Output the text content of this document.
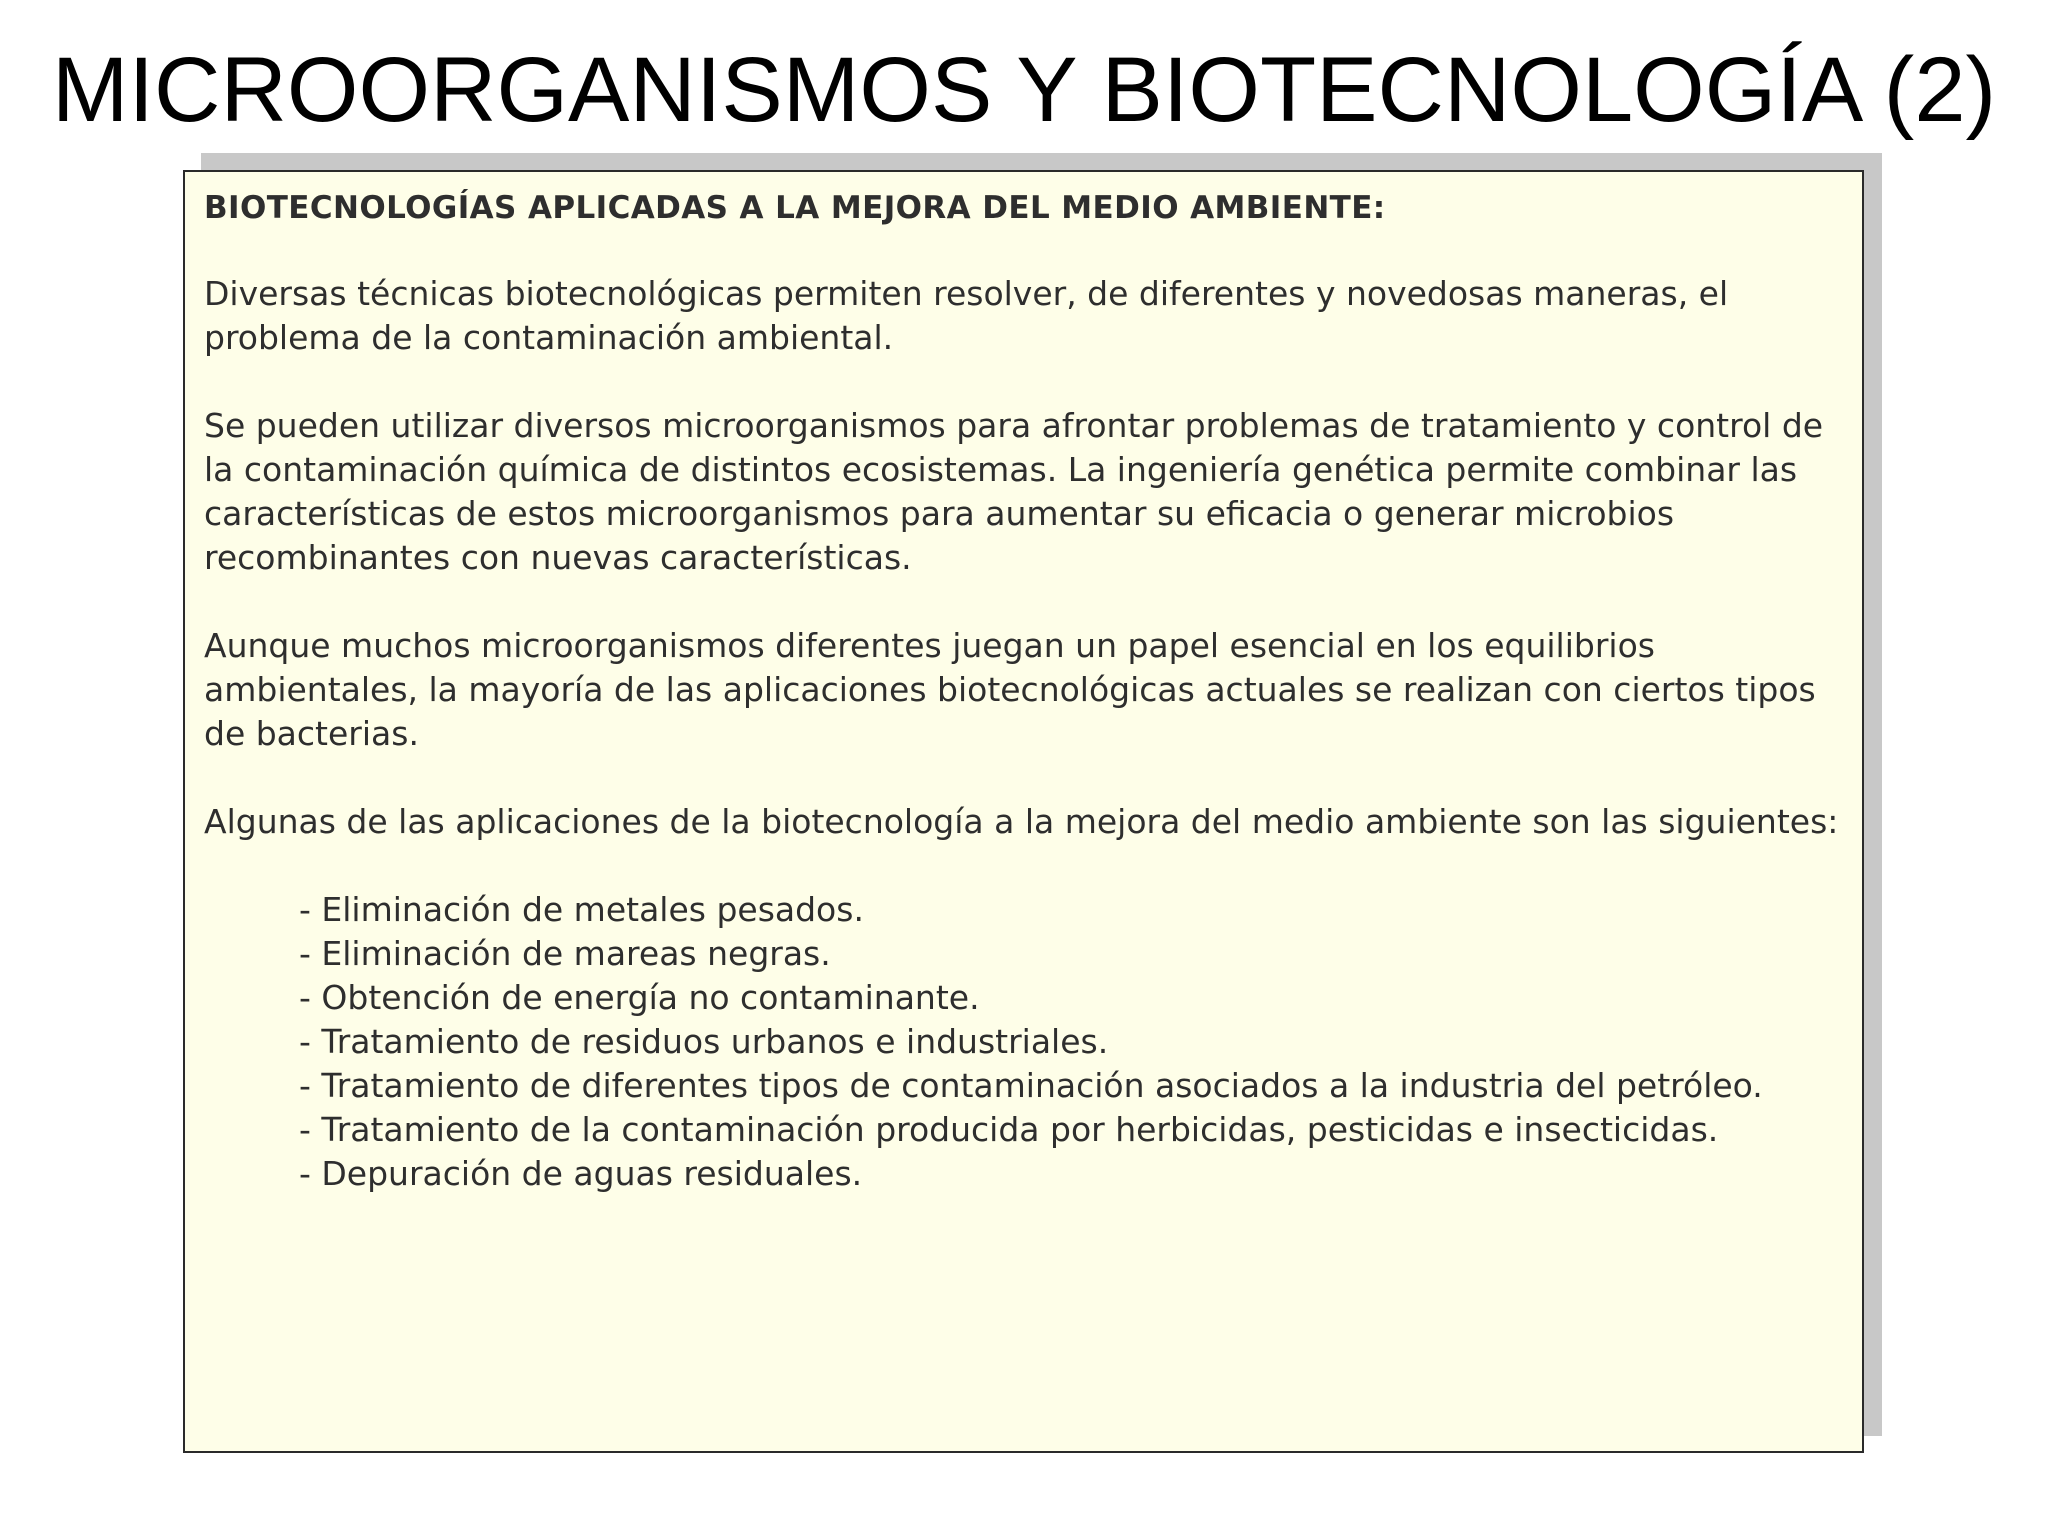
MICROORGANISMOS Y BIOTECNOLOGÍA (2)
BIOTECNOLOGÍAS APLICADAS A LA MEJORA DEL MEDIO AMBIENTE:

Diversas técnicas biotecnológicas permiten resolver, de diferentes y novedosas maneras, el problema de la contaminación ambiental.

Se pueden utilizar diversos microorganismos para afrontar problemas de tratamiento y control de la contaminación química de distintos ecosistemas. La ingeniería genética permite combinar las características de estos microorganismos para aumentar su eficacia o generar microbios recombinantes con nuevas características.

Aunque muchos microorganismos diferentes juegan un papel esencial en los equilibrios ambientales, la mayoría de las aplicaciones biotecnológicas actuales se realizan con ciertos tipos de bacterias.

Algunas de las aplicaciones de la biotecnología a la mejora del medio ambiente son las siguientes:

- Eliminación de metales pesados.
- Eliminación de mareas negras.
- Obtención de energía no contaminante.
- Tratamiento de residuos urbanos e industriales.
- Tratamiento de diferentes tipos de contaminación asociados a la industria del petróleo.
- Tratamiento de la contaminación producida por herbicidas, pesticidas e insecticidas.
- Depuración de aguas residuales.
